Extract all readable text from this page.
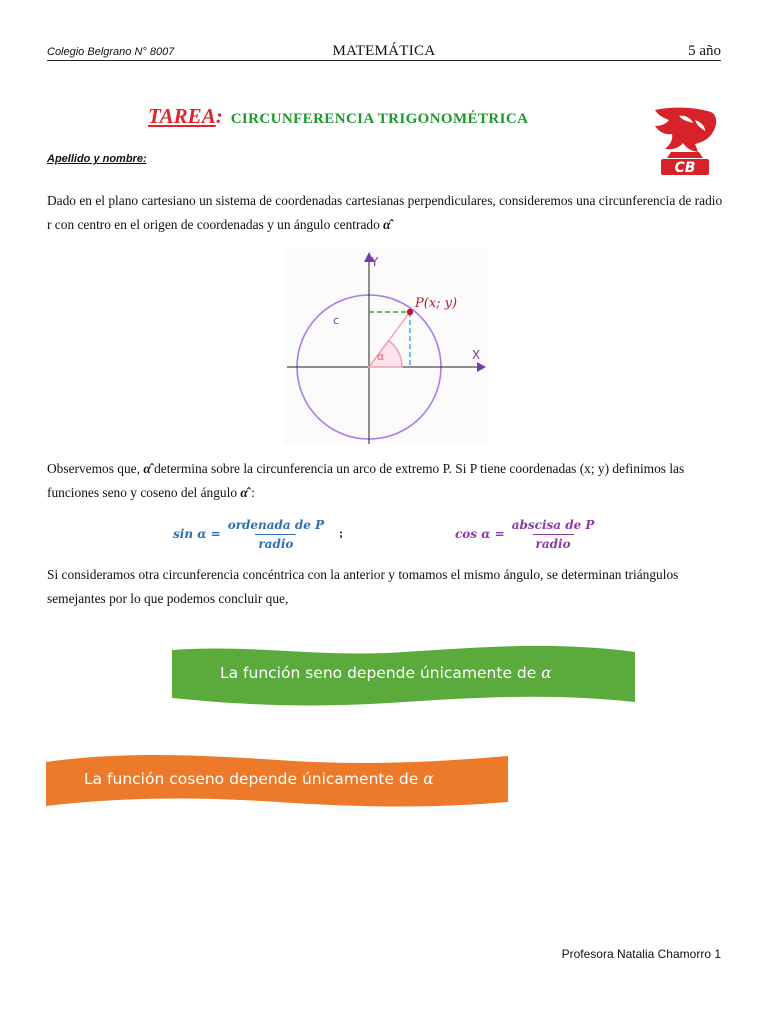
Colegio Belgrano N° 8007	MATEMÁTICA	5 año
TAREA: CIRCUNFERENCIA TRIGONOMÉTRICA
CB
Apellido y nombre:
Dado en el plano cartesiano un sistema de coordenadas cartesianas perpendiculares, consideremos una circunferencia de radio r con centro en el origen de coordenadas y un ángulo centrado α̂
Y
X
P(x; y)
c
α
Observemos que, α̂ determina sobre la circunferencia un arco de extremo P. Si P tiene coordenadas (x; y) definimos las funciones seno y coseno del ángulo α̂ :
$\sin \alpha = \frac{\text{ordenada de P}}{\text{radio}}$ ;	$\cos \alpha = \frac{\text{abscisa de P}}{\text{radio}}$
Si consideramos otra circunferencia concéntrica con la anterior y tomamos el mismo ángulo, se determinan triángulos semejantes por lo que podemos concluir que,
La función seno depende únicamente de α
La función coseno depende únicamente de α
Profesora Natalia Chamorro 1
